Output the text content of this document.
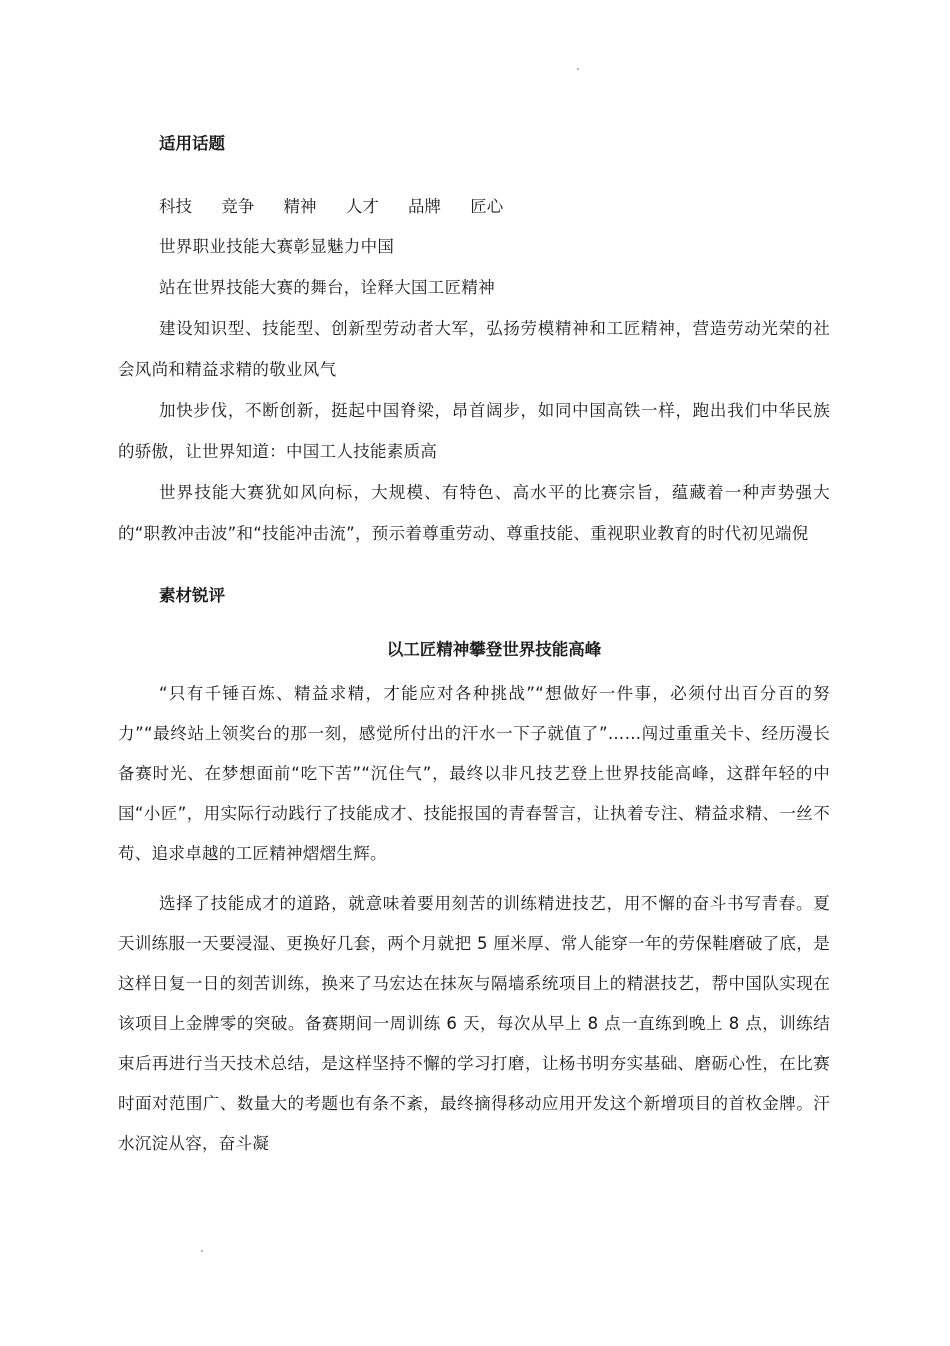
适用话题

科技 竞争 精神 人才 品牌 匠心

世界职业技能大赛彰显魅力中国

站在世界技能大赛的舞台，诠释大国工匠精神

建设知识型、技能型、创新型劳动者大军，弘扬劳模精神和工匠精神，营造劳动光荣的社会风尚和精益求精的敬业风气

加快步伐，不断创新，挺起中国脊梁，昂首阔步，如同中国高铁一样，跑出我们中华民族的骄傲，让世界知道：中国工人技能素质高

世界技能大赛犹如风向标，大规模、有特色、高水平的比赛宗旨，蕴藏着一种声势强大的“职教冲击波”和“技能冲击流”，预示着尊重劳动、尊重技能、重视职业教育的时代初见端倪

素材锐评
以工匠精神攀登世界技能高峰

“只有千锤百炼、精益求精，才能应对各种挑战”“想做好一件事，必须付出百分百的努力”“最终站上领奖台的那一刻，感觉所付出的汗水一下子就值了”……闯过重重关卡、经历漫长备赛时光、在梦想面前“吃下苦”“沉住气”，最终以非凡技艺登上世界技能高峰，这群年轻的中国“小匠”，用实际行动践行了技能成才、技能报国的青春誓言，让执着专注、精益求精、一丝不苟、追求卓越的工匠精神熠熠生辉。

选择了技能成才的道路，就意味着要用刻苦的训练精进技艺，用不懈的奋斗书写青春。夏天训练服一天要浸湿、更换好几套，两个月就把 5 厘米厚、常人能穿一年的劳保鞋磨破了底，是这样日复一日的刻苦训练，换来了马宏达在抹灰与隔墙系统项目上的精湛技艺，帮中国队实现在该项目上金牌零的突破。备赛期间一周训练 6 天，每次从早上 8 点一直练到晚上 8 点，训练结束后再进行当天技术总结，是这样坚持不懈的学习打磨，让杨书明夯实基础、磨砺心性，在比赛时面对范围广、数量大的考题也有条不紊，最终摘得移动应用开发这个新增项目的首枚金牌。汗水沉淀从容，奋斗凝
